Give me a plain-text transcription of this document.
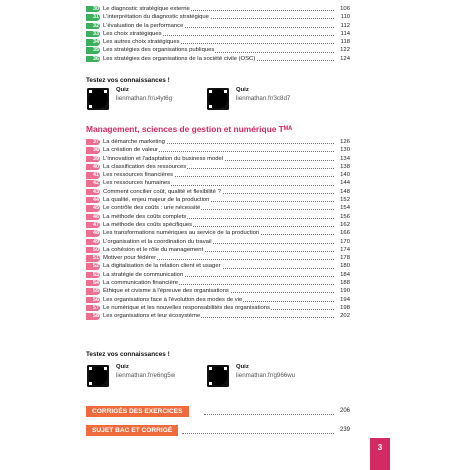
30 Le diagnostic stratégique externe	106
31 L'interprétation du diagnostic stratégique	110
32 L'évaluation de la performance	112
33 Les choix stratégiques	114
34 Les autres choix stratégiques	118
35 Les stratégies des organisations publiques	122
36 Les stratégies des organisations de la société civile (OSC)	124
Testez vos connaissances !
Quiz
lienmathan.fr/u4yt6g
Quiz
lienmathan.fr/3c8d7
Management, sciences de gestion et numérique Tᴹᴬ
37 La démarche marketing	126
38 La création de valeur	130
39 L'innovation et l'adaptation du business model	134
40 La classification des ressources	138
41 Les ressources financières	140
42 Les ressources humaines	144
43 Comment concilier coût, qualité et flexibilité ?	148
44 La qualité, enjeu majeur de la production	152
45 Le contrôle des coûts : une nécessité	154
46 La méthode des coûts complets	156
47 La méthode des coûts spécifiques	162
48 Les transformations numériques au service de la production	166
49 L'organisation et la coordination du travail	170
50 La cohésion et le rôle du management	174
51 Motiver pour fédérer	178
52 La digitalisation de la relation client et usager	180
53 La stratégie de communication	184
54 La communication financière	188
55 Éthique et civisme à l'épreuve des organisations	190
56 Les organisations face à l'évolution des modes de vie	194
57 Le numérique et les nouvelles responsabilités des organisations	198
58 Les organisations et leur écosystème	202
Testez vos connaissances !
Quiz
lienmathan.fr/e6ng5w
Quiz
lienmathan.fr/g966wu
CORRIGÉS DES EXERCICES	206
SUJET BAC ET CORRIGÉ	239
3
